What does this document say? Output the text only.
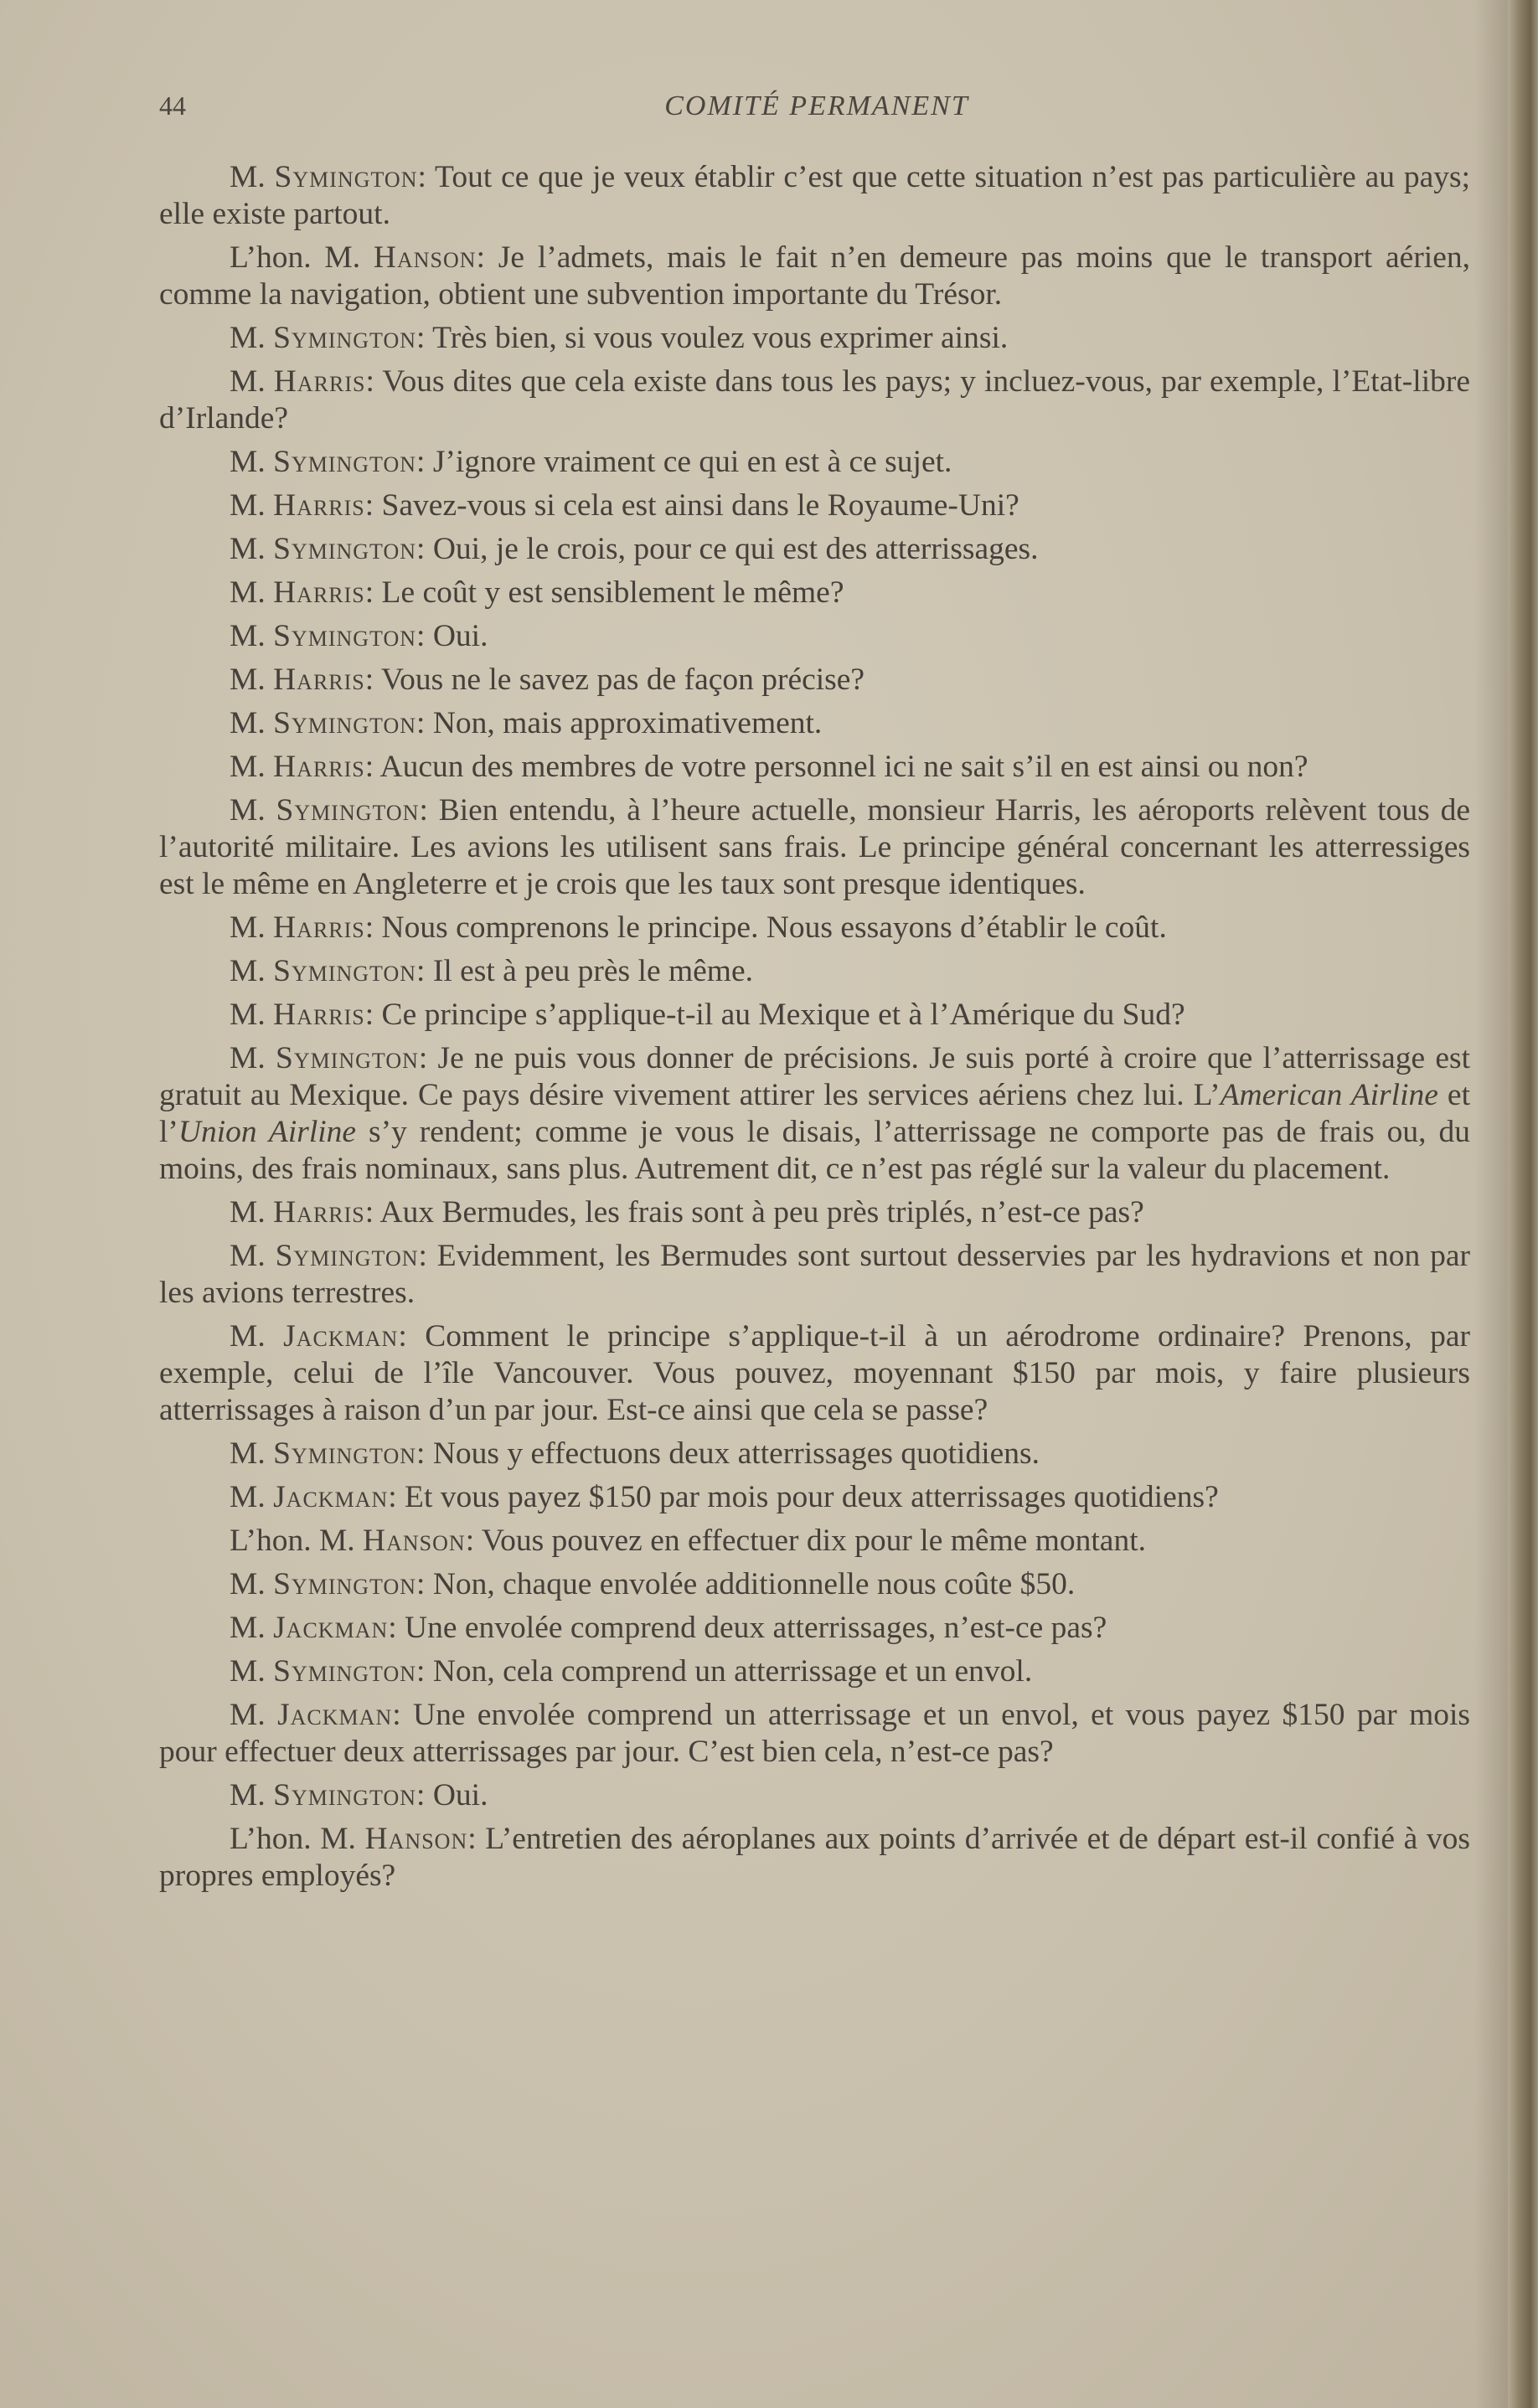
44	COMITÉ PERMANENT

M. Symington: Tout ce que je veux établir c’est que cette situation n’est pas particulière au pays; elle existe partout.

L’hon. M. Hanson: Je l’admets, mais le fait n’en demeure pas moins que le transport aérien, comme la navigation, obtient une subvention importante du Trésor.

M. Symington: Très bien, si vous voulez vous exprimer ainsi.

M. Harris: Vous dites que cela existe dans tous les pays; y incluez-vous, par exemple, l’Etat-libre d’Irlande?

M. Symington: J’ignore vraiment ce qui en est à ce sujet.

M. Harris: Savez-vous si cela est ainsi dans le Royaume-Uni?

M. Symington: Oui, je le crois, pour ce qui est des atterrissages.

M. Harris: Le coût y est sensiblement le même?

M. Symington: Oui.

M. Harris: Vous ne le savez pas de façon précise?

M. Symington: Non, mais approximativement.

M. Harris: Aucun des membres de votre personnel ici ne sait s’il en est ainsi ou non?

M. Symington: Bien entendu, à l’heure actuelle, monsieur Harris, les aéroports relèvent tous de l’autorité militaire. Les avions les utilisent sans frais. Le principe général concernant les atterressiges est le même en Angleterre et je crois que les taux sont presque identiques.

M. Harris: Nous comprenons le principe. Nous essayons d’établir le coût.

M. Symington: Il est à peu près le même.

M. Harris: Ce principe s’applique-t-il au Mexique et à l’Amérique du Sud?

M. Symington: Je ne puis vous donner de précisions. Je suis porté à croire que l’atterrissage est gratuit au Mexique. Ce pays désire vivement attirer les services aériens chez lui. L’American Airline et l’Union Airline s’y rendent; comme je vous le disais, l’atterrissage ne comporte pas de frais ou, du moins, des frais nominaux, sans plus. Autrement dit, ce n’est pas réglé sur la valeur du placement.

M. Harris: Aux Bermudes, les frais sont à peu près triplés, n’est-ce pas?

M. Symington: Evidemment, les Bermudes sont surtout desservies par les hydravions et non par les avions terrestres.

M. Jackman: Comment le principe s’applique-t-il à un aérodrome ordinaire? Prenons, par exemple, celui de l’île Vancouver. Vous pouvez, moyennant $150 par mois, y faire plusieurs atterrissages à raison d’un par jour. Est-ce ainsi que cela se passe?

M. Symington: Nous y effectuons deux atterrissages quotidiens.

M. Jackman: Et vous payez $150 par mois pour deux atterrissages quotidiens?

L’hon. M. Hanson: Vous pouvez en effectuer dix pour le même montant.

M. Symington: Non, chaque envolée additionnelle nous coûte $50.

M. Jackman: Une envolée comprend deux atterrissages, n’est-ce pas?

M. Symington: Non, cela comprend un atterrissage et un envol.

M. Jackman: Une envolée comprend un atterrissage et un envol, et vous payez $150 par mois pour effectuer deux atterrissages par jour. C’est bien cela, n’est-ce pas?

M. Symington: Oui.

L’hon. M. Hanson: L’entretien des aéroplanes aux points d’arrivée et de départ est-il confié à vos propres employés?
